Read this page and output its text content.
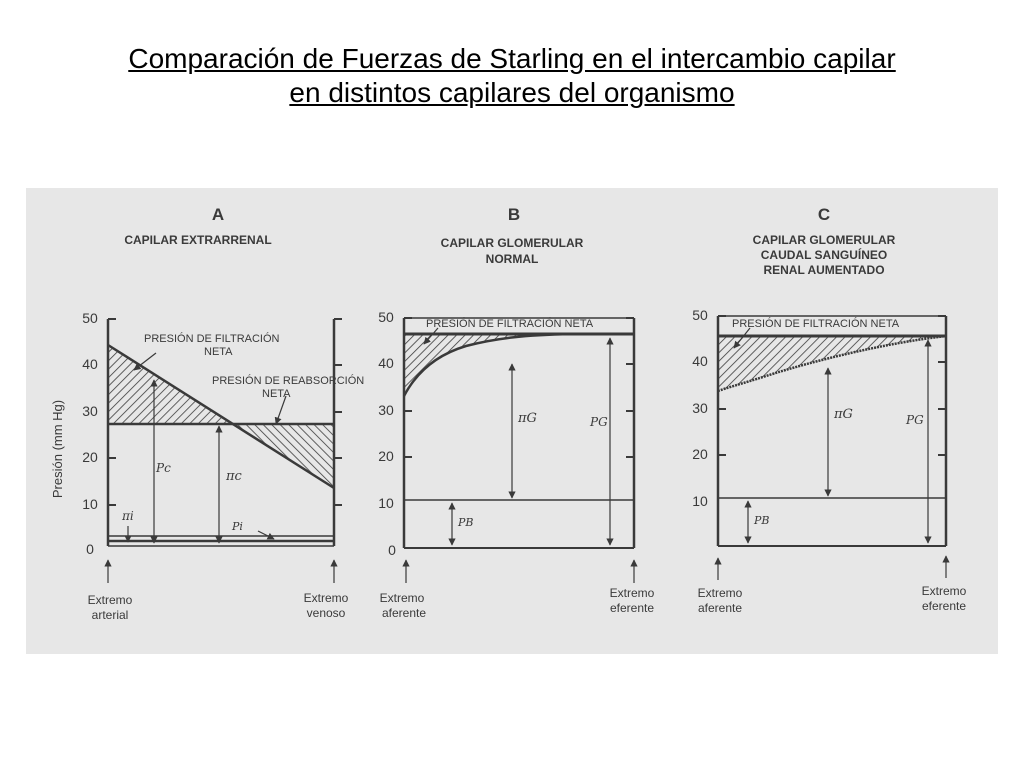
Comparación de Fuerzas de Starling en el intercambio capilar
en distintos capilares del organismo
Presión (mm Hg)
A
CAPILAR EXTRARRENAL
50
40
30
20
10
0
Pc
πc
πi
Pi
PRESIÓN DE FILTRACIÓN
NETA
PRESIÓN DE REABSORCIÓN
NETA
Extremo
arterial
Extremo
venoso
B
CAPILAR GLOMERULAR
NORMAL
50
40
30
20
10
0
πG	PG
PB
PRESIÓN DE FILTRACIÓN NETA
Extremo
aferente
Extremo
eferente
C
CAPILAR GLOMERULAR
CAUDAL SANGUÍNEO
RENAL AUMENTADO
50
40
30
20
10
πG	PG
PB
PRESIÓN DE FILTRACIÓN NETA
Extremo
aferente
Extremo
eferente
